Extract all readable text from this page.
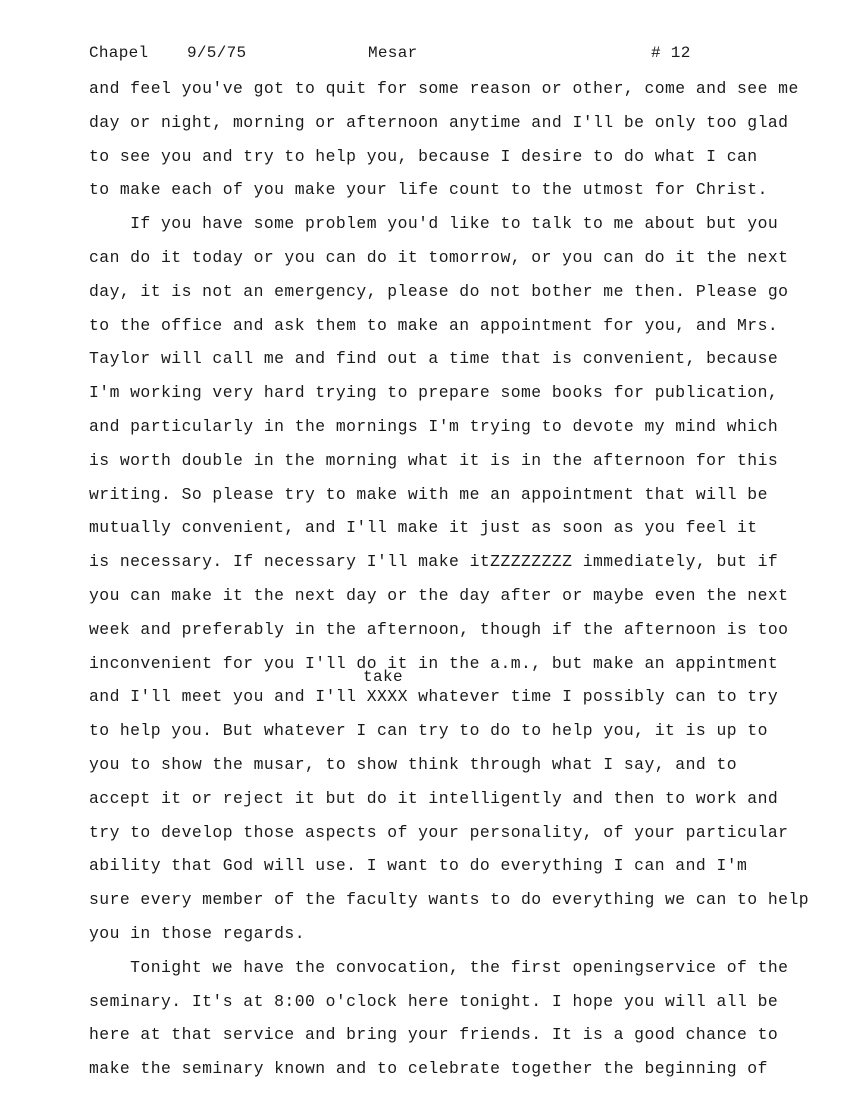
Chapel 9/5/75	Mesar	# 12
take
and feel you've got to quit for some reason or other, come and see me
day or night, morning or afternoon anytime and I'll be only too glad
to see you and try to help you, because I desire to do what I can
to make each of you make your life count to the utmost for Christ.
If you have some problem you'd like to talk to me about but you
can do it today or you can do it tomorrow, or you can do it the next
day, it is not an emergency, please do not bother me then. Please go
to the office and ask them to make an appointment for you, and Mrs.
Taylor will call me and find out a time that is convenient, because
I'm working very hard trying to prepare some books for publication,
and particularly in the mornings I'm trying to devote my mind which
is worth double in the morning what it is in the afternoon for this
writing. So please try to make with me an appointment that will be
mutually convenient, and I'll make it just as soon as you feel it
is necessary. If necessary I'll make itZZZZZZZZ immediately, but if
you can make it the next day or the day after or maybe even the next
week and preferably in the afternoon, though if the afternoon is too
inconvenient for you I'll do it in the a.m., but make an appintment
and I'll meet you and I'll XXXX whatever time I possibly can to try
to help you. But whatever I can try to do to help you, it is up to
you to show the musar, to show think through what I say, and to
accept it or reject it but do it intelligently and then to work and
try to develop those aspects of your personality, of your particular
ability that God will use. I want to do everything I can and I'm
sure every member of the faculty wants to do everything we can to help
you in those regards.
Tonight we have the convocation, the first openingservice of the
seminary. It's at 8:00 o'clock here tonight. I hope you will all be
here at that service and bring your friends. It is a good chance to
make the seminary known and to celebrate together the beginning of
